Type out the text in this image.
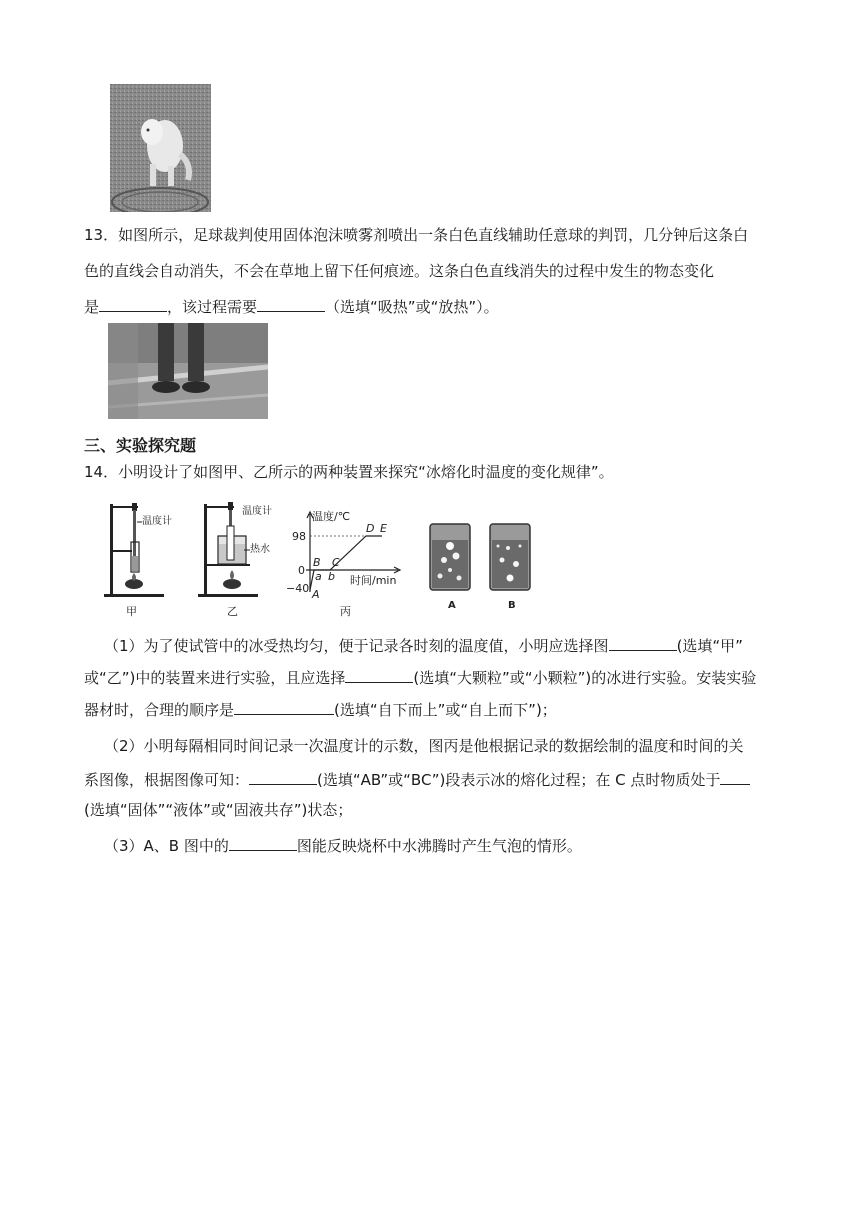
13．如图所示，足球裁判使用固体泡沫喷雾剂喷出一条白色直线辅助任意球的判罚，几分钟后这条白
色的直线会自动消失，不会在草地上留下任何痕迹。这条白色直线消失的过程中发生的物态变化
是	，该过程需要	（选填“吸热”或“放热”）。
三、实验探究题
14．小明设计了如图甲、乙所示的两种装置来探究“冰熔化时温度的变化规律”。
温度计
甲
温度计
热水
乙
温度/℃
时间/min
98
0
−40 A
B C
D E
a b
丙	A	B
（1）为了使试管中的冰受热均匀，便于记录各时刻的温度值，小明应选择图	(选填“甲”
或“乙”)中的装置来进行实验，且应选择	(选填“大颗粒”或“小颗粒”)的冰进行实验。安装实验
器材时，合理的顺序是	(选填“自下而上”或“自上而下”)；
（2）小明每隔相同时间记录一次温度计的示数，图丙是他根据记录的数据绘制的温度和时间的关
系图像，根据图像可知：	(选填“AB”或“BC”)段表示冰的熔化过程；在 C 点时物质处于
(选填“固体”“液体”或“固液共存”)状态；
（3）A、B 图中的	图能反映烧杯中水沸腾时产生气泡的情形。
